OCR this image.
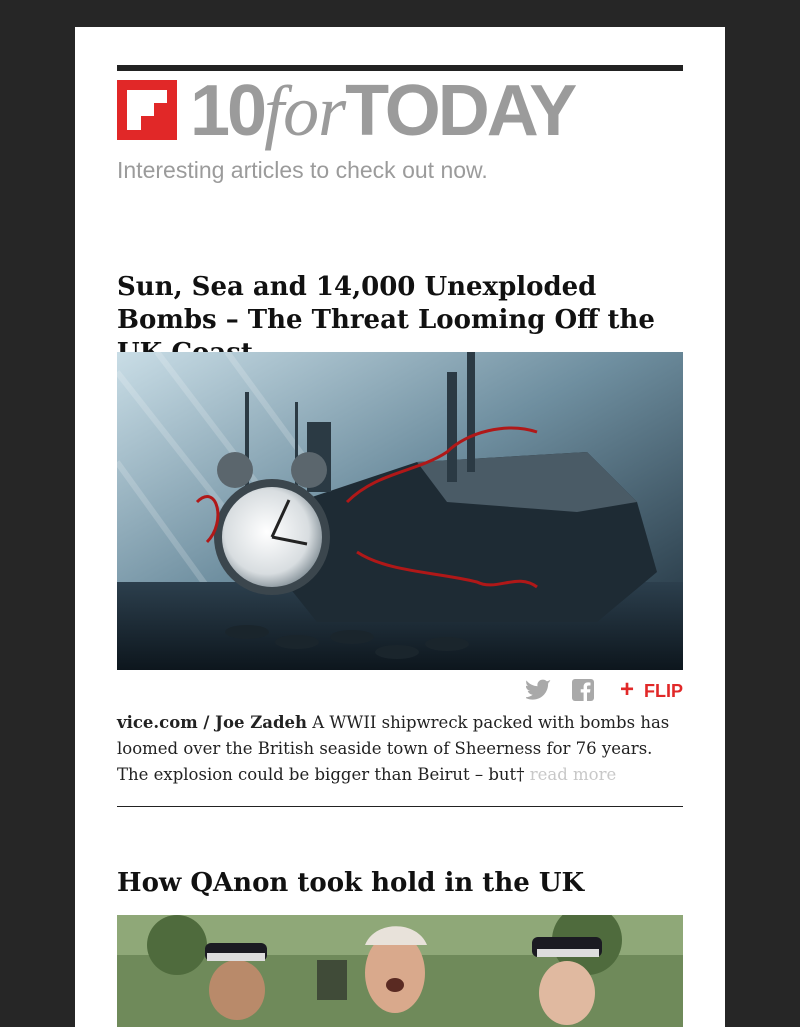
10forTODAY
Interesting articles to check out now.
Sun, Sea and 14,000 Unexploded Bombs – The Threat Looming Off the
+ FLIP
vice.com / Joe Zadeh A WWII shipwreck packed with bombs has loomed over the British seaside town of Sheerness for 76 years. The explosion could be bigger than Beirut – but† read more
How QAnon took hold in the UK
